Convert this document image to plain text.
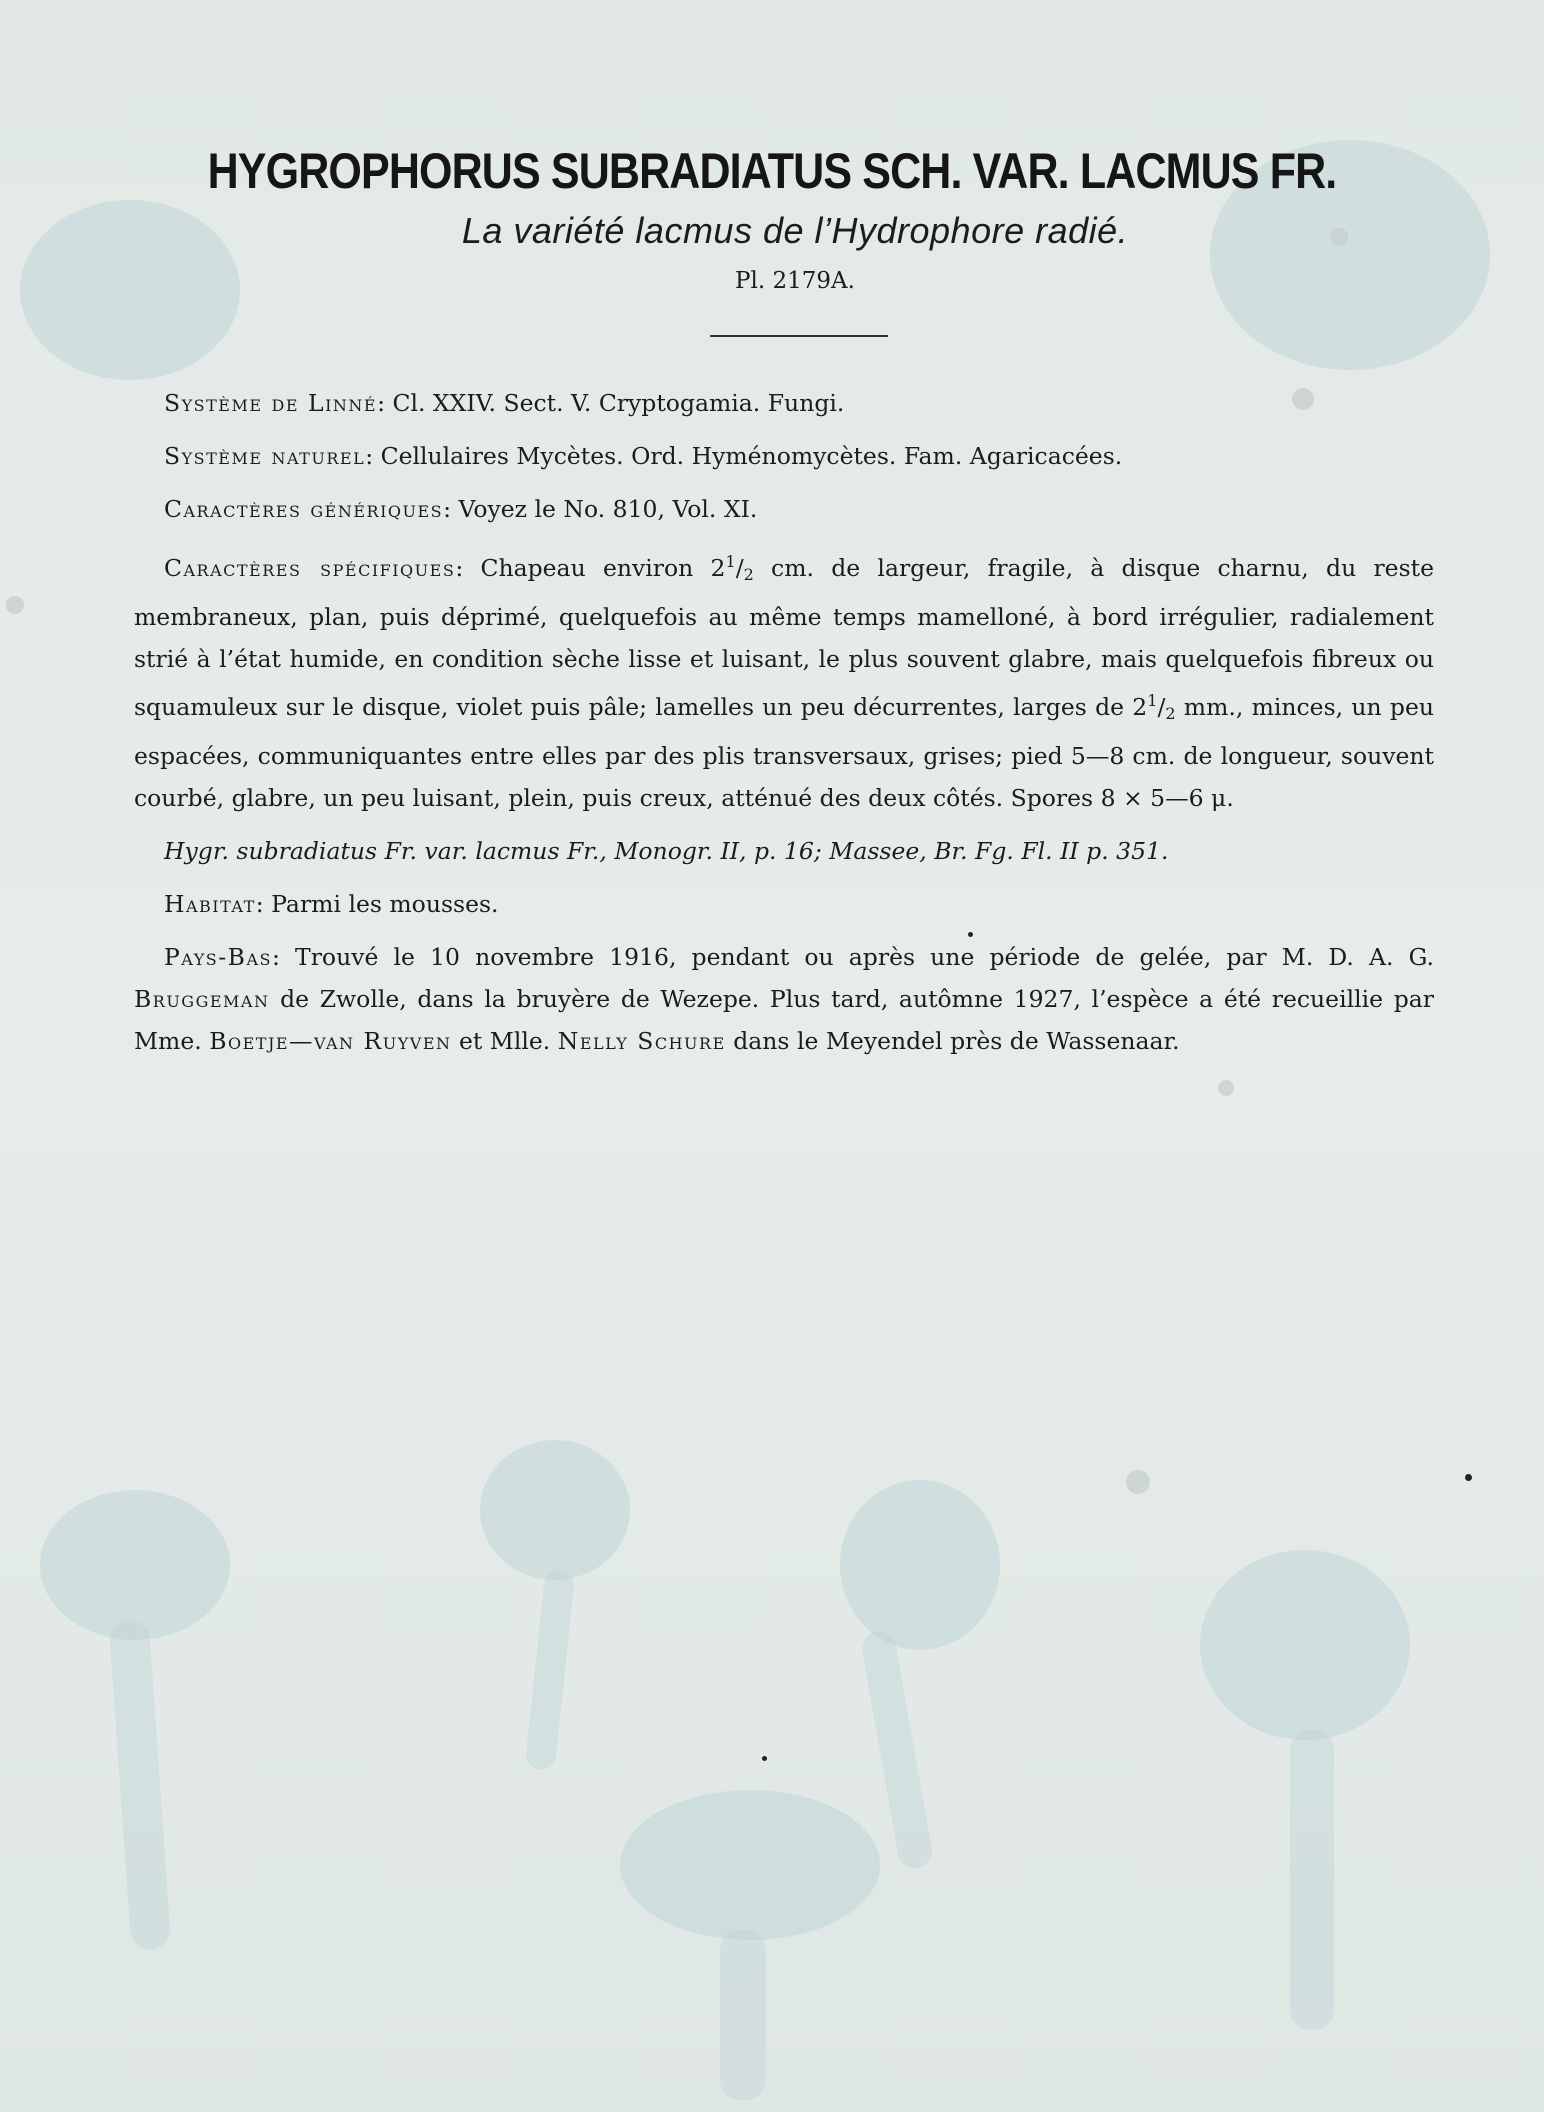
HYGROPHORUS SUBRADIATUS SCH. VAR. LACMUS FR.
La variété lacmus de l’Hydrophore radié.
Pl. 2179A.

Système de Linné: Cl. XXIV. Sect. V. Cryptogamia. Fungi.

Système naturel: Cellulaires Mycètes. Ord. Hyménomycètes. Fam. Agaricacées.

Caractères génériques: Voyez le No. 810, Vol. XI.

Caractères spécifiques: Chapeau environ $2^1/_2$ cm. de largeur, fragile, à disque charnu, du reste membraneux, plan, puis déprimé, quelquefois au même temps mamelloné, à bord irrégulier, radialement strié à l’état humide, en condition sèche lisse et luisant, le plus souvent glabre, mais quelquefois fibreux ou squamuleux sur le disque, violet puis pâle; lamelles un peu décurrentes, larges de $2^1/_2$ mm., minces, un peu espacées, communiquantes entre elles par des plis transversaux, grises; pied 5—8 cm. de longueur, souvent courbé, glabre, un peu luisant, plein, puis creux, atténué des deux côtés. Spores 8 × 5—6 μ.

Hygr. subradiatus Fr. var. lacmus Fr., Monogr. II, p. 16; Massee, Br. Fg. Fl. II p. 351.

Habitat: Parmi les mousses.

Pays-Bas: Trouvé le 10 novembre 1916, pendant ou après une période de gelée, par M. D. A. G. Bruggeman de Zwolle, dans la bruyère de Wezepe. Plus tard, autômne 1927, l’espèce a été recueillie par Mme. Boetje—van Ruyven et Mlle. Nelly Schure dans le Meyendel près de Wassenaar.
